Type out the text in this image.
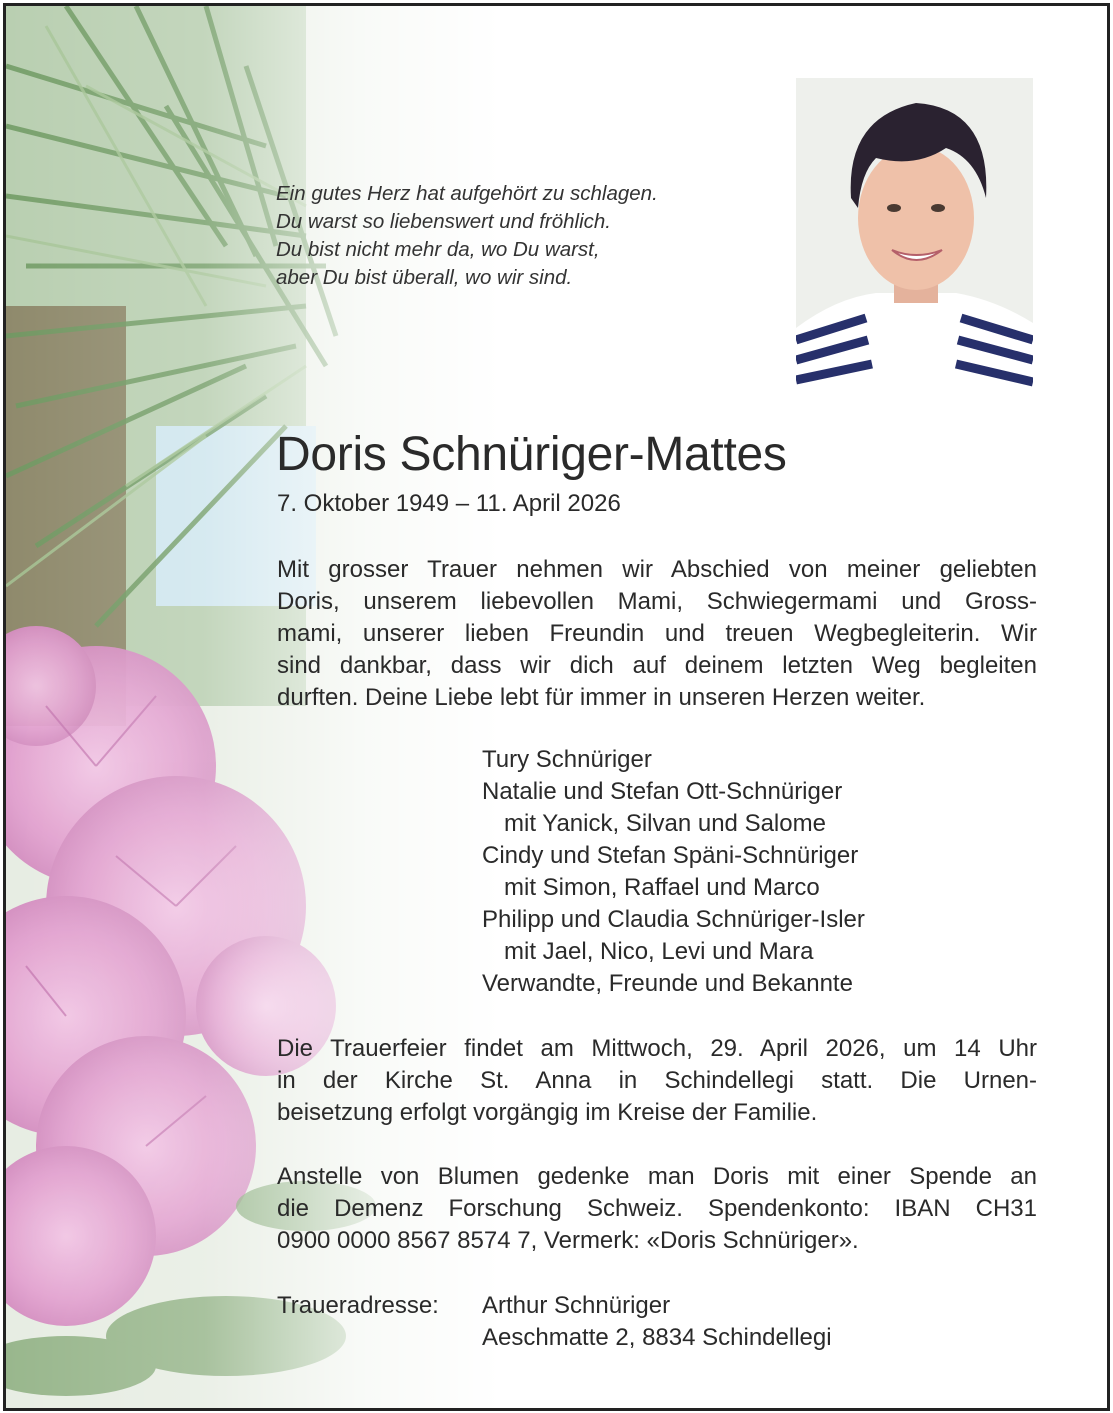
Ein gutes Herz hat aufgehört zu schlagen.
Du warst so liebenswert und fröhlich.
Du bist nicht mehr da, wo Du warst,
aber Du bist überall, wo wir sind.
Doris Schnüriger-Mattes
7. Oktober 1949 – 11. April 2026
Mit grosser Trauer nehmen wir Abschied von meiner geliebten
Doris, unserem liebevollen Mami, Schwiegermami und Gross-
mami, unserer lieben Freundin und treuen Wegbegleiterin. Wir
sind dankbar, dass wir dich auf deinem letzten Weg begleiten
durften. Deine Liebe lebt für immer in unseren Herzen weiter.
Tury Schnüriger
Natalie und Stefan Ott-Schnüriger
mit Yanick, Silvan und Salome
Cindy und Stefan Späni-Schnüriger
mit Simon, Raffael und Marco
Philipp und Claudia Schnüriger-Isler
mit Jael, Nico, Levi und Mara
Verwandte, Freunde und Bekannte
Die Trauerfeier findet am Mittwoch, 29. April 2026, um 14 Uhr
in der Kirche St. Anna in Schindellegi statt. Die Urnen-
beisetzung erfolgt vorgängig im Kreise der Familie.
Anstelle von Blumen gedenke man Doris mit einer Spende an
die Demenz Forschung Schweiz. Spendenkonto: IBAN CH31
0900 0000 8567 8574 7, Vermerk: «Doris Schnüriger».
Traueradresse: Arthur Schnüriger
Aeschmatte 2, 8834 Schindellegi
